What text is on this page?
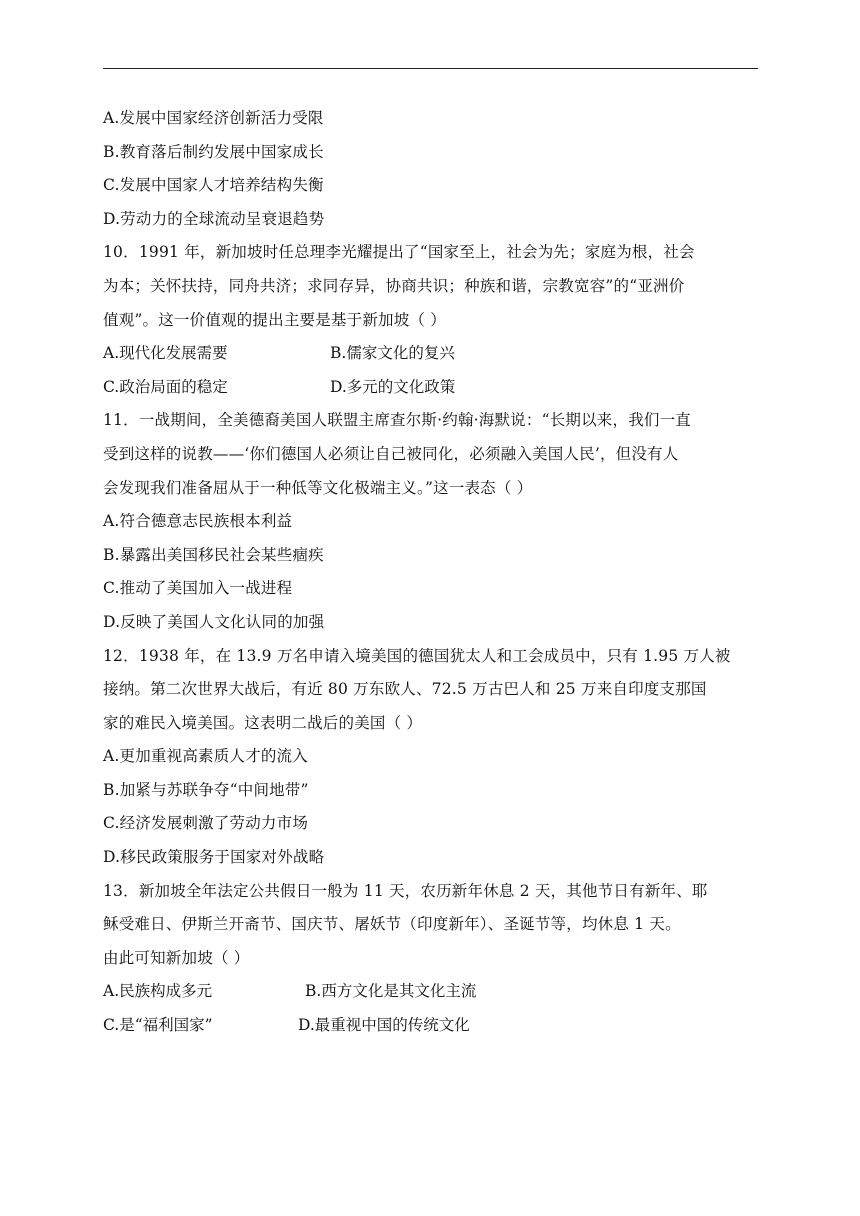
A.发展中国家经济创新活力受限
B.教育落后制约发展中国家成长
C.发展中国家人才培养结构失衡
D.劳动力的全球流动呈衰退趋势
10．1991 年，新加坡时任总理李光耀提出了“国家至上，社会为先；家庭为根，社会
为本；关怀扶持，同舟共济；求同存异，协商共识；种族和谐，宗教宽容”的“亚洲价
值观”。这一价值观的提出主要是基于新加坡（ ）
A.现代化发展需要	B.儒家文化的复兴
C.政治局面的稳定	D.多元的文化政策
11．一战期间，全美德裔美国人联盟主席查尔斯·约翰·海默说：“长期以来，我们一直
受到这样的说教——‘你们德国人必须让自己被同化，必须融入美国人民’，但没有人
会发现我们准备屈从于一种低等文化极端主义。”这一表态（ ）
A.符合德意志民族根本利益
B.暴露出美国移民社会某些痼疾
C.推动了美国加入一战进程
D.反映了美国人文化认同的加强
12．1938 年，在 13.9 万名申请入境美国的德国犹太人和工会成员中，只有 1.95 万人被
接纳。第二次世界大战后，有近 80 万东欧人、72.5 万古巴人和 25 万来自印度支那国
家的难民入境美国。这表明二战后的美国（ ）
A.更加重视高素质人才的流入
B.加紧与苏联争夺“中间地带”
C.经济发展刺激了劳动力市场
D.移民政策服务于国家对外战略
13．新加坡全年法定公共假日一般为 11 天，农历新年休息 2 天，其他节日有新年、耶
稣受难日、伊斯兰开斋节、国庆节、屠妖节（印度新年）、圣诞节等，均休息 1 天。
由此可知新加坡（ ）
A.民族构成多元	B.西方文化是其文化主流
C.是“福利国家”	D.最重视中国的传统文化
